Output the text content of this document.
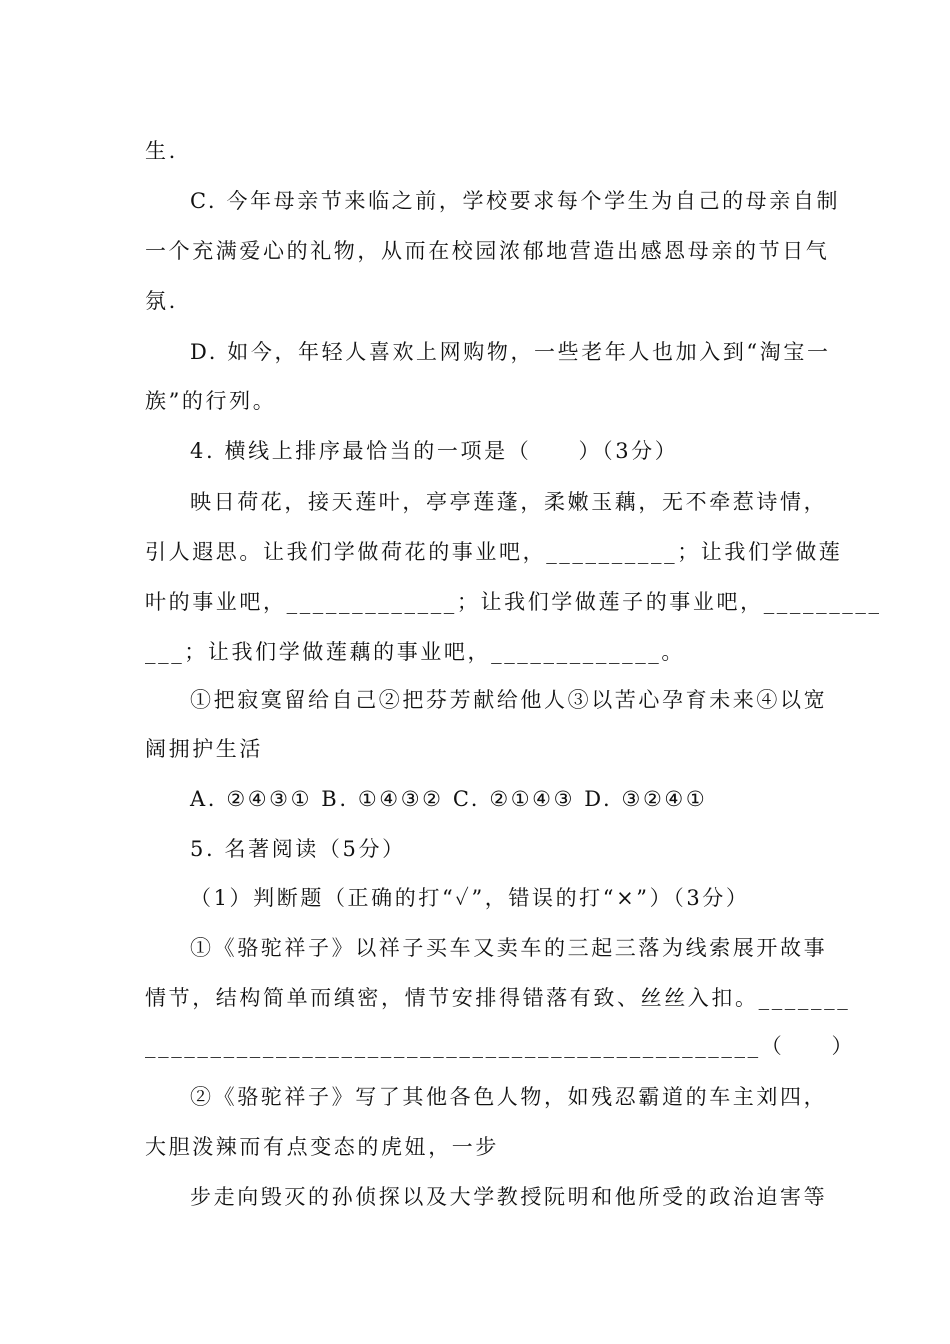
生.
C. 今年母亲节来临之前，学校要求每个学生为自己的母亲自制
一个充满爱心的礼物，从而在校园浓郁地营造出感恩母亲的节日气
氛.
D. 如今，年轻人喜欢上网购物，一些老年人也加入到“淘宝一
族”的行列。
4. 横线上排序最恰当的一项是（　　）（3分）
映日荷花，接天莲叶，亭亭莲蓬，柔嫩玉藕，无不牵惹诗情，
引人遐思。让我们学做荷花的事业吧，__________；让我们学做莲
叶的事业吧，_____________；让我们学做莲子的事业吧，_________
___；让我们学做莲藕的事业吧，_____________。
①把寂寞留给自己②把芬芳献给他人③以苦心孕育未来④以宽
阔拥护生活
A. ②④③① B. ①④③② C. ②①④③ D. ③②④①
5. 名著阅读（5分）
（1）判断题（正确的打“✓”，错误的打“×”）（3分）
①《骆驼祥子》以祥子买车又卖车的三起三落为线索展开故事
情节，结构简单而缜密，情节安排得错落有致、丝丝入扣。_______
_______________________________________________（　　）
②《骆驼祥子》写了其他各色人物，如残忍霸道的车主刘四，
大胆泼辣而有点变态的虎妞，一步
步走向毁灭的孙侦探以及大学教授阮明和他所受的政治迫害等
